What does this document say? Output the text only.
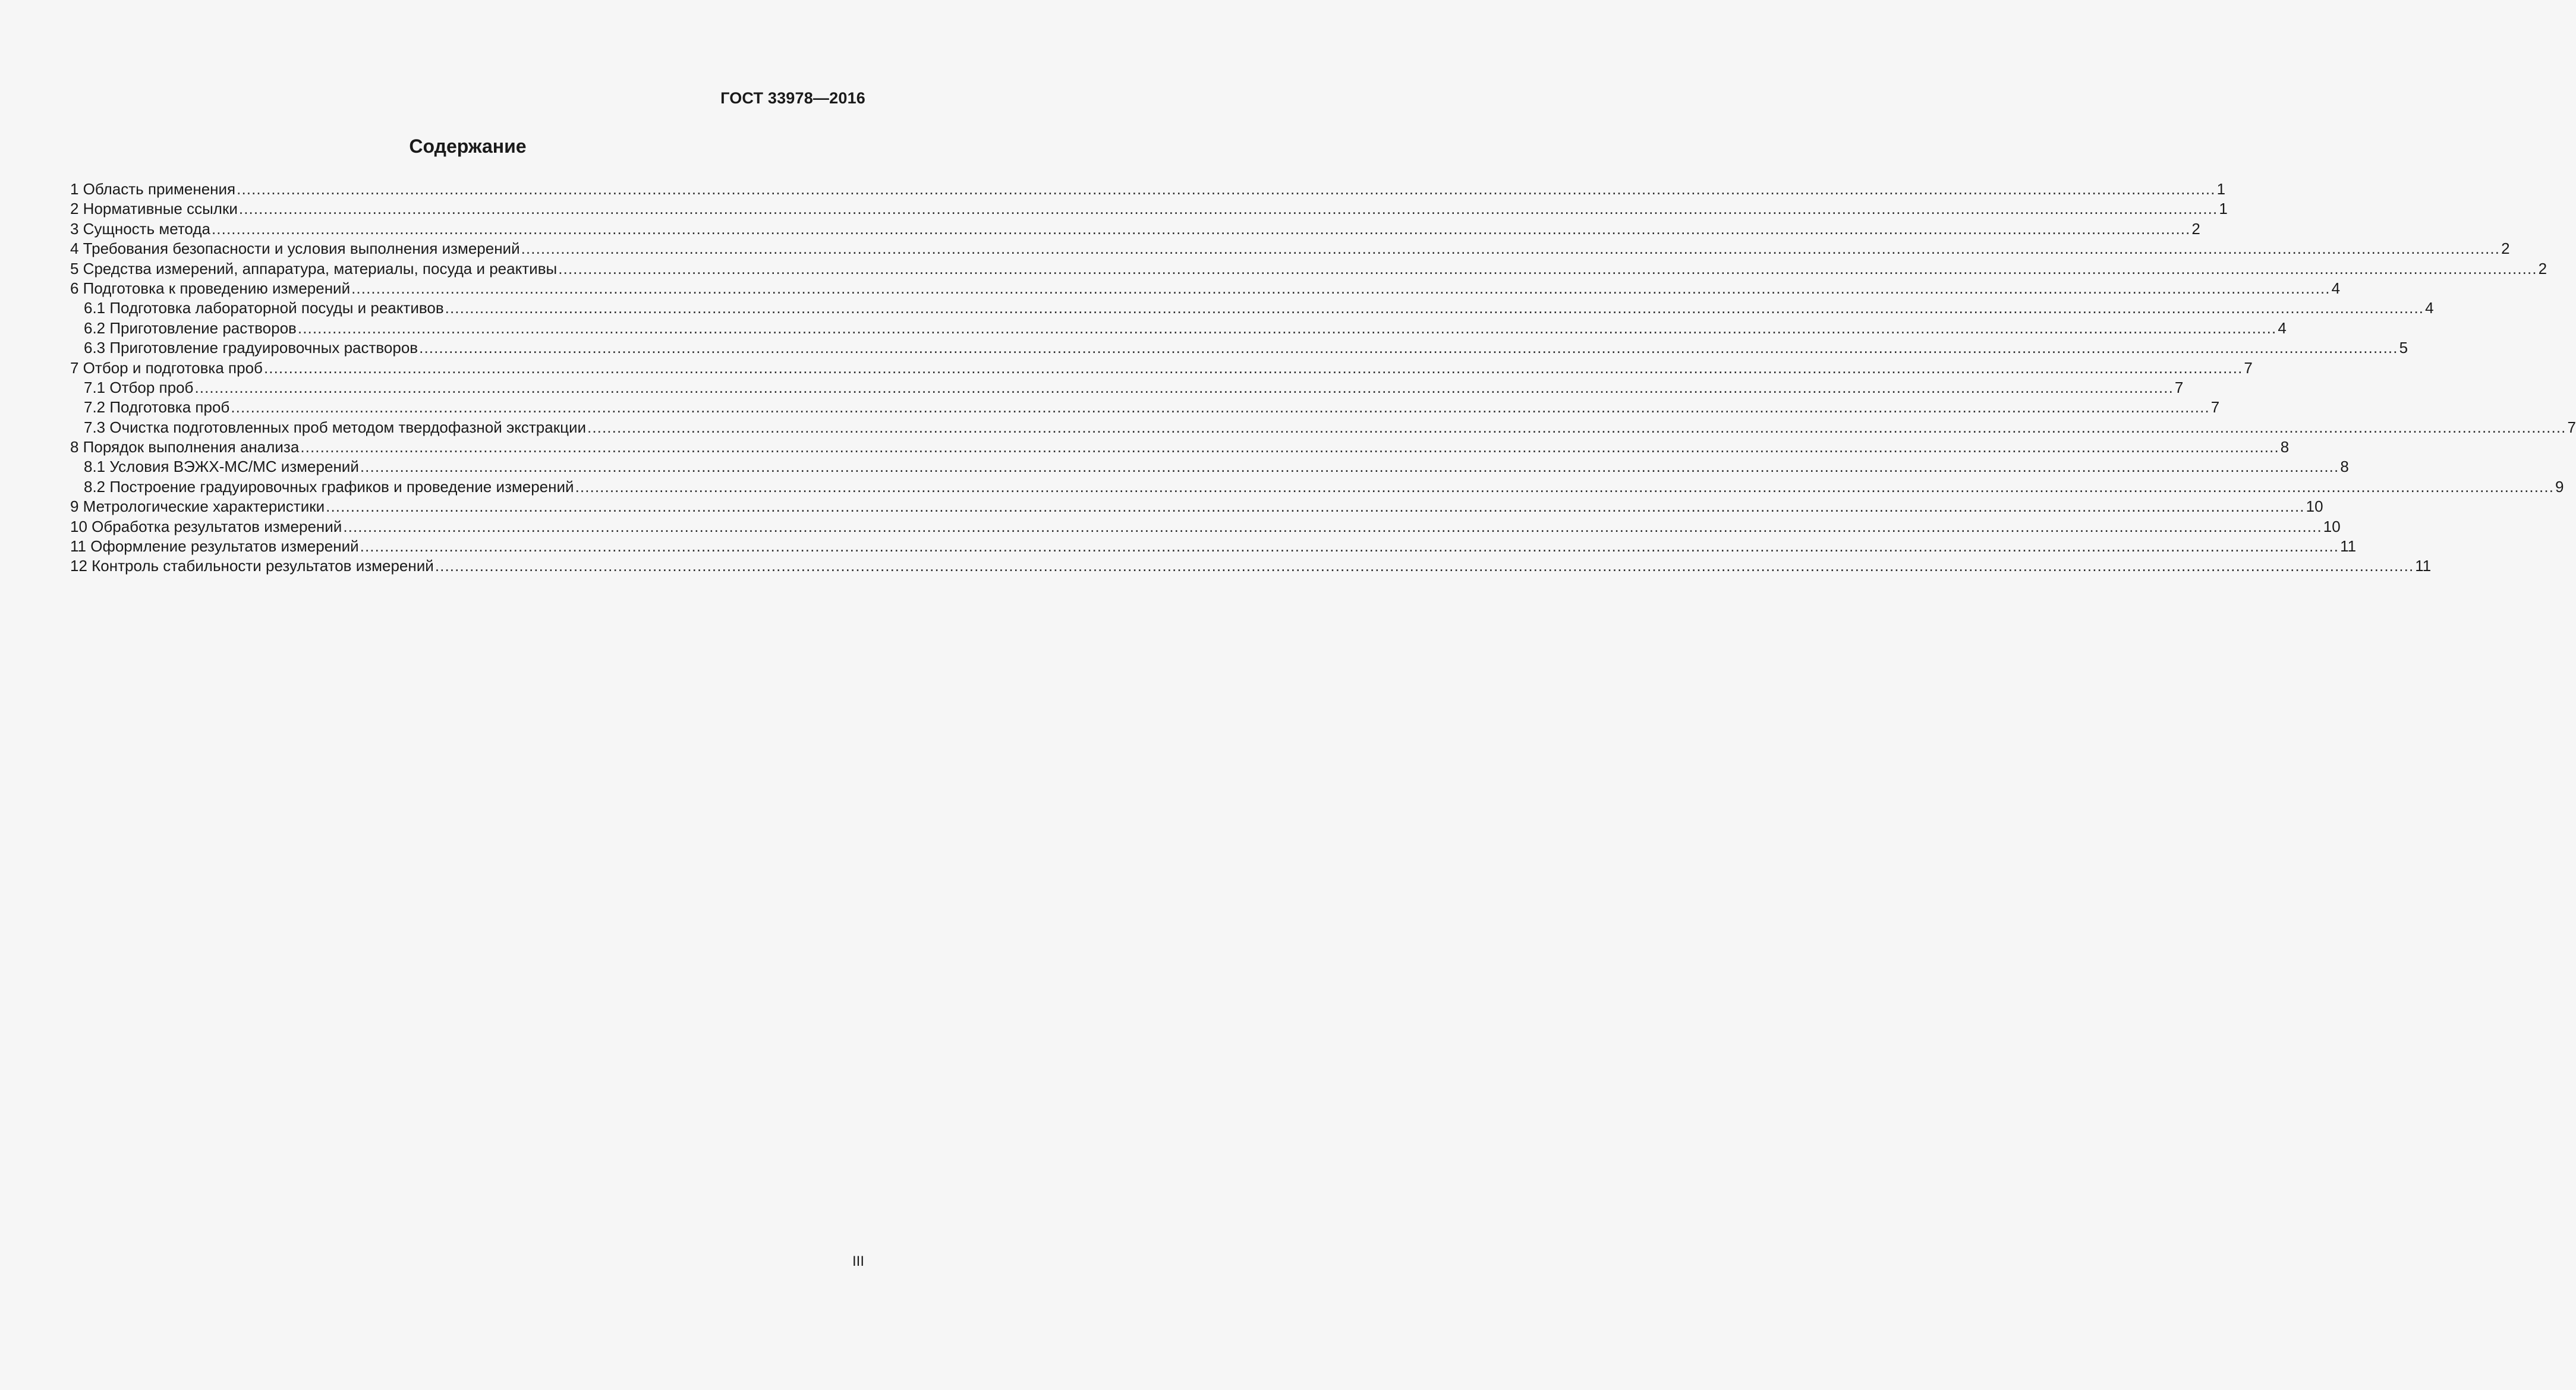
ГОСТ 33978—2016
Содержание
1 Область применения ................................................................................................................................................................................................................................................................................................................................................................................................................ 1
2 Нормативные ссылки ................................................................................................................................................................................................................................................................................................................................................................................................................ 1
3 Сущность метода ................................................................................................................................................................................................................................................................................................................................................................................................................ 2
4 Требования безопасности и условия выполнения измерений ................................................................................................................................................................................................................................................................................................................................................................................................................ 2
5 Средства измерений, аппаратура, материалы, посуда и реактивы ................................................................................................................................................................................................................................................................................................................................................................................................................ 2
6 Подготовка к проведению измерений ................................................................................................................................................................................................................................................................................................................................................................................................................ 4
6.1 Подготовка лабораторной посуды и реактивов ................................................................................................................................................................................................................................................................................................................................................................................................................ 4
6.2 Приготовление растворов ................................................................................................................................................................................................................................................................................................................................................................................................................ 4
6.3 Приготовление градуировочных растворов ................................................................................................................................................................................................................................................................................................................................................................................................................ 5
7 Отбор и подготовка проб ................................................................................................................................................................................................................................................................................................................................................................................................................ 7
7.1 Отбор проб ................................................................................................................................................................................................................................................................................................................................................................................................................ 7
7.2 Подготовка проб ................................................................................................................................................................................................................................................................................................................................................................................................................ 7
7.3 Очистка подготовленных проб методом твердофазной экстракции ................................................................................................................................................................................................................................................................................................................................................................................................................ 7
8 Порядок выполнения анализа ................................................................................................................................................................................................................................................................................................................................................................................................................ 8
8.1 Условия ВЭЖХ-МС/МС измерений ................................................................................................................................................................................................................................................................................................................................................................................................................ 8
8.2 Построение градуировочных графиков и проведение измерений ................................................................................................................................................................................................................................................................................................................................................................................................................ 9
9 Метрологические характеристики ................................................................................................................................................................................................................................................................................................................................................................................................................ 10
10 Обработка результатов измерений ................................................................................................................................................................................................................................................................................................................................................................................................................ 10
11 Оформление результатов измерений ................................................................................................................................................................................................................................................................................................................................................................................................................ 11
12 Контроль стабильности результатов измерений ................................................................................................................................................................................................................................................................................................................................................................................................................ 11
III
